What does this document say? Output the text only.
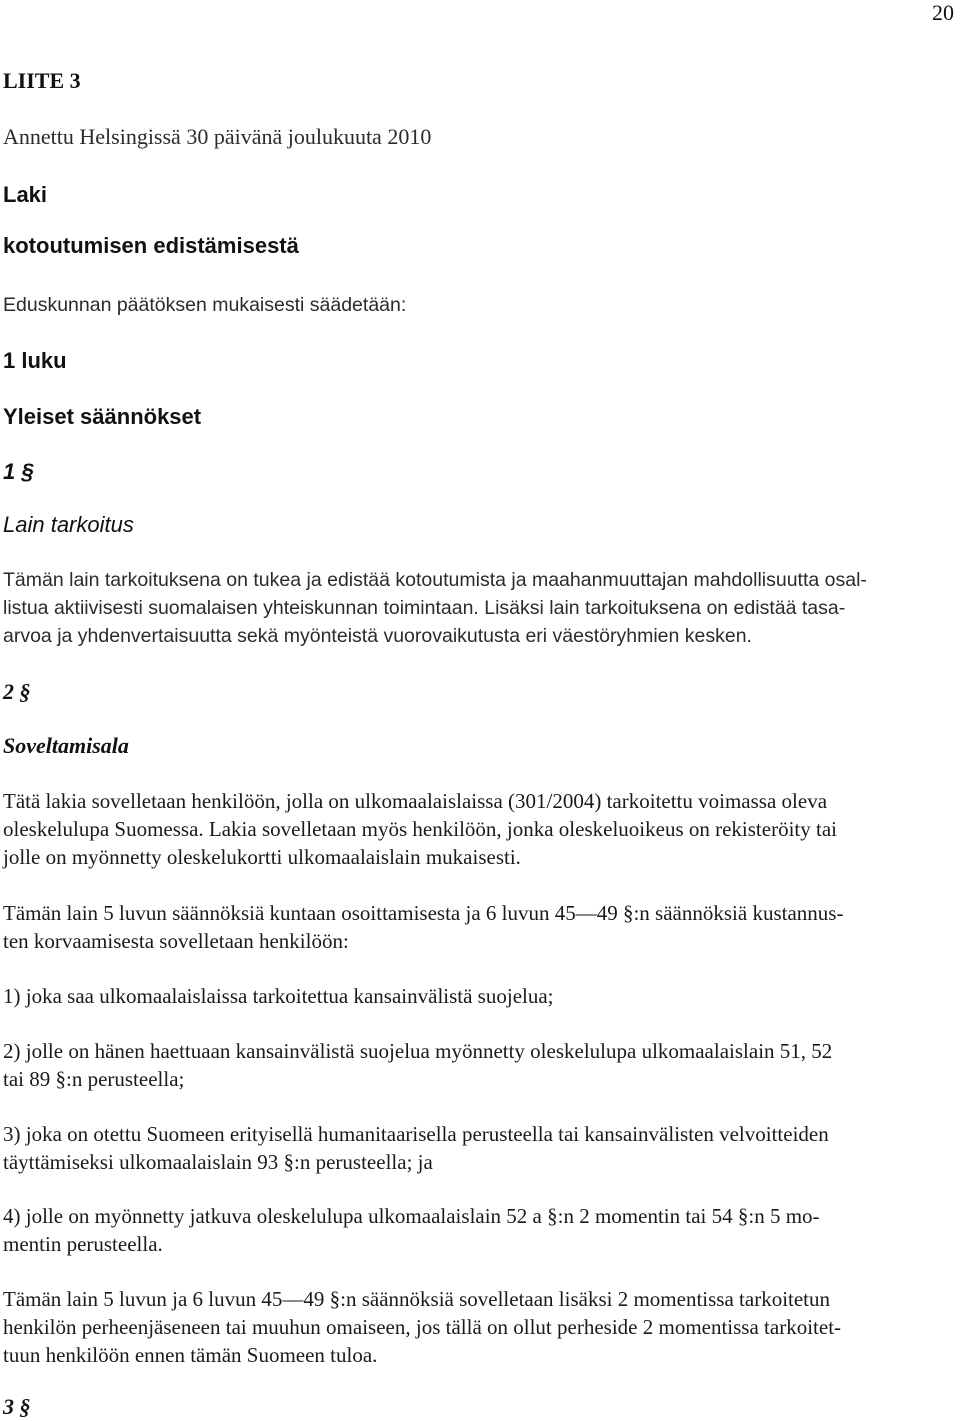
20
LIITE 3
Annettu Helsingissä 30 päivänä joulukuuta 2010
Laki
kotoutumisen edistämisestä
Eduskunnan päätöksen mukaisesti säädetään:
1 luku
Yleiset säännökset
1 §
Lain tarkoitus
Tämän lain tarkoituksena on tukea ja edistää kotoutumista ja maahanmuuttajan mahdollisuutta osal-
listua aktiivisesti suomalaisen yhteiskunnan toimintaan. Lisäksi lain tarkoituksena on edistää tasa-
arvoa ja yhdenvertaisuutta sekä myönteistä vuorovaikutusta eri väestöryhmien kesken.
2 §
Soveltamisala
Tätä lakia sovelletaan henkilöön, jolla on ulkomaalaislaissa (301/2004) tarkoitettu voimassa oleva
oleskelulupa Suomessa. Lakia sovelletaan myös henkilöön, jonka oleskeluoikeus on rekisteröity tai
jolle on myönnetty oleskelukortti ulkomaalaislain mukaisesti.
Tämän lain 5 luvun säännöksiä kuntaan osoittamisesta ja 6 luvun 45―49 §:n säännöksiä kustannus-
ten korvaamisesta sovelletaan henkilöön:
1) joka saa ulkomaalaislaissa tarkoitettua kansainvälistä suojelua;
2) jolle on hänen haettuaan kansainvälistä suojelua myönnetty oleskelulupa ulkomaalaislain 51, 52
tai 89 §:n perusteella;
3) joka on otettu Suomeen erityisellä humanitaarisella perusteella tai kansainvälisten velvoitteiden
täyttämiseksi ulkomaalaislain 93 §:n perusteella; ja
4) jolle on myönnetty jatkuva oleskelulupa ulkomaalaislain 52 a §:n 2 momentin tai 54 §:n 5 mo-
mentin perusteella.
Tämän lain 5 luvun ja 6 luvun 45―49 §:n säännöksiä sovelletaan lisäksi 2 momentissa tarkoitetun
henkilön perheenjäseneen tai muuhun omaiseen, jos tällä on ollut perheside 2 momentissa tarkoitet-
tuun henkilöön ennen tämän Suomeen tuloa.
3 §
